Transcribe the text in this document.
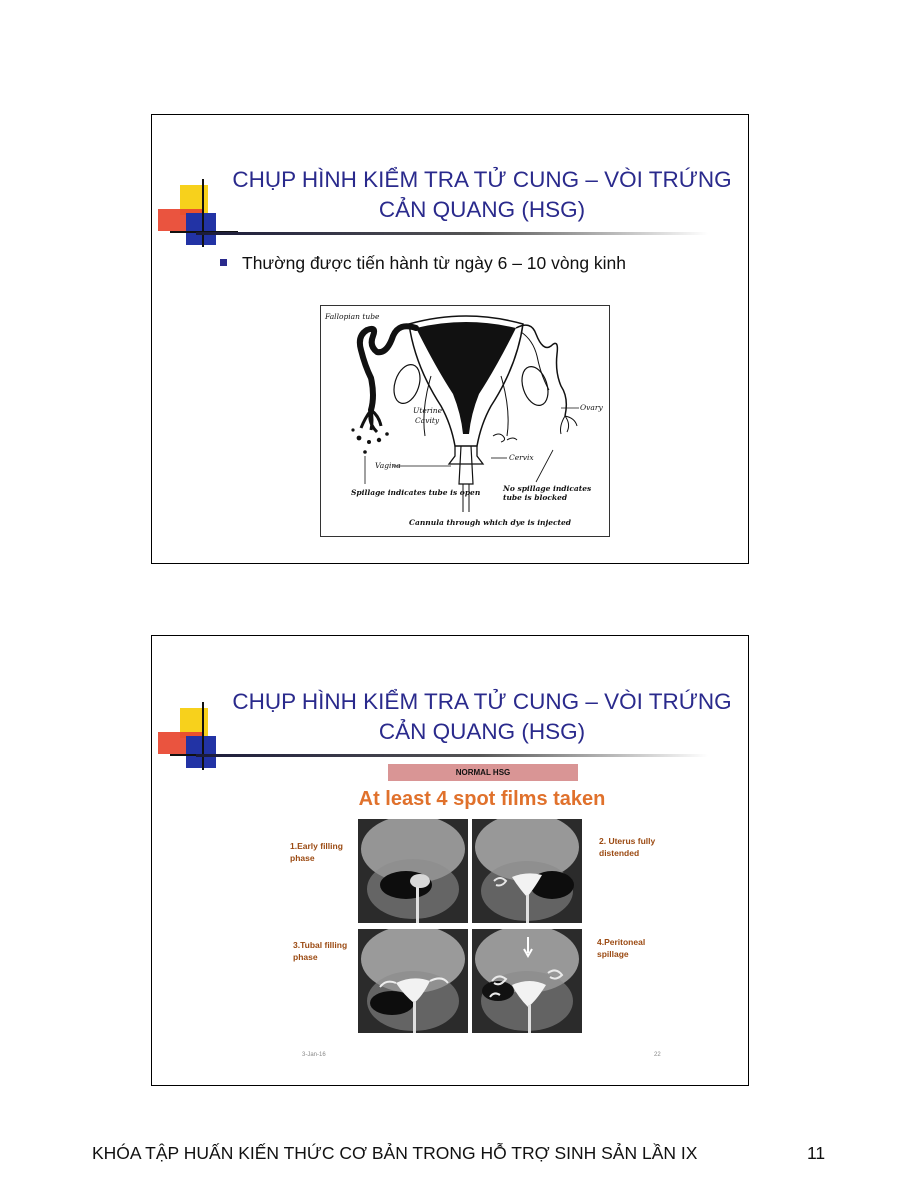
CHỤP HÌNH KIỂM TRA TỬ CUNG – VÒI TRỨNG
CẢN QUANG (HSG)
Thường được tiến hành từ ngày 6 – 10 vòng kinh
Fallopian tube
Uterine
Cavity
Ovary
Cervix
Vagina
Spillage indicates tube is open	No spillage indicates
tube is blocked
Cannula through which dye is injected
CHỤP HÌNH KIỂM TRA TỬ CUNG – VÒI TRỨNG
CẢN QUANG (HSG)
NORMAL HSG
At least 4 spot films taken
1.Early filling
phase
2. Uterus fully
distended
3.Tubal filling
phase
4.Peritoneal
spillage
3-Jan-16	22
KHÓA TẬP HUẤN KIẾN THỨC CƠ BẢN TRONG HỖ TRỢ SINH SẢN LẦN IX	11
